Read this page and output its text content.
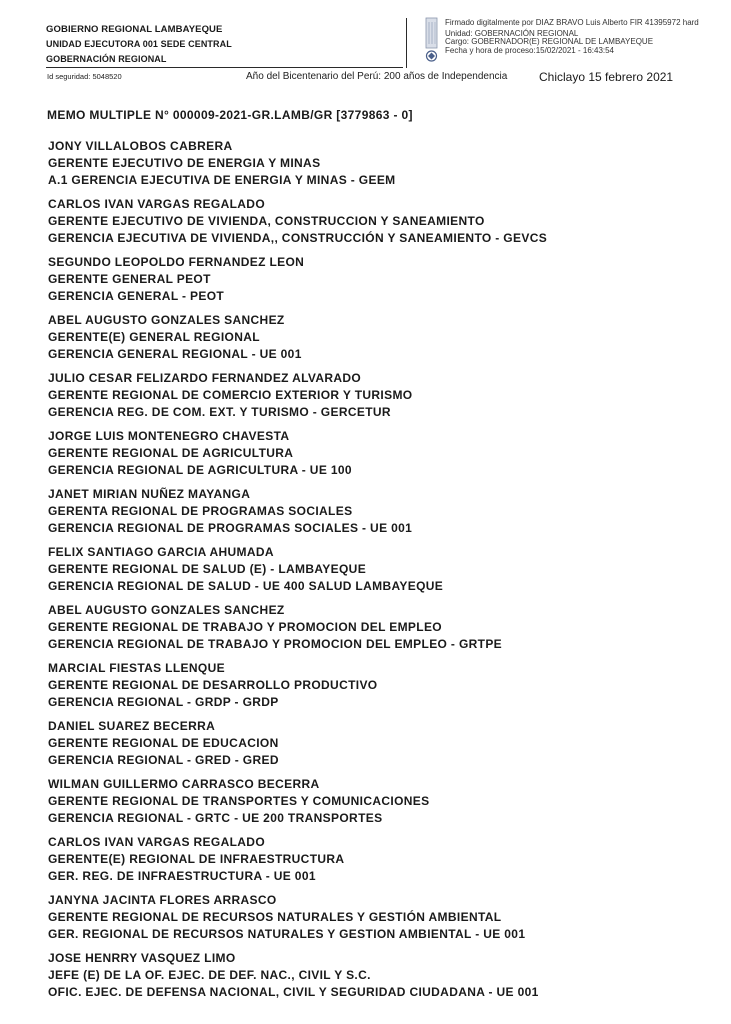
GOBIERNO REGIONAL LAMBAYEQUE
UNIDAD EJECUTORA 001 SEDE CENTRAL
GOBERNACIÓN REGIONAL
Firmado digitalmente por DIAZ BRAVO Luis Alberto FIR 41395972 hard
Unidad: GOBERNACIÓN REGIONAL
Cargo: GOBERNADOR(E) REGIONAL DE LAMBAYEQUE
Fecha y hora de proceso:15/02/2021 - 16:43:54
Id seguridad: 5048520	Año del Bicentenario del Perú: 200 años de Independencia	Chiclayo 15 febrero 2021
MEMO MULTIPLE N° 000009-2021-GR.LAMB/GR [3779863 - 0]
JONY VILLALOBOS CABRERA
GERENTE EJECUTIVO DE ENERGIA Y MINAS
A.1 GERENCIA EJECUTIVA DE ENERGIA Y MINAS - GEEM
CARLOS IVAN VARGAS REGALADO
GERENTE EJECUTIVO DE VIVIENDA, CONSTRUCCION Y SANEAMIENTO
GERENCIA EJECUTIVA DE VIVIENDA,, CONSTRUCCIÓN Y SANEAMIENTO - GEVCS
SEGUNDO LEOPOLDO FERNANDEZ LEON
GERENTE GENERAL PEOT
GERENCIA GENERAL - PEOT
ABEL AUGUSTO GONZALES SANCHEZ
GERENTE(E) GENERAL REGIONAL
GERENCIA GENERAL REGIONAL - UE 001
JULIO CESAR FELIZARDO FERNANDEZ ALVARADO
GERENTE REGIONAL DE COMERCIO EXTERIOR Y TURISMO
GERENCIA REG. DE COM. EXT. Y TURISMO - GERCETUR
JORGE LUIS MONTENEGRO CHAVESTA
GERENTE REGIONAL DE AGRICULTURA
GERENCIA REGIONAL DE AGRICULTURA - UE 100
JANET MIRIAN NUÑEZ MAYANGA
GERENTA REGIONAL DE PROGRAMAS SOCIALES
GERENCIA REGIONAL DE PROGRAMAS SOCIALES - UE 001
FELIX SANTIAGO GARCIA AHUMADA
GERENTE REGIONAL DE SALUD (E) - LAMBAYEQUE
GERENCIA REGIONAL DE SALUD - UE 400 SALUD LAMBAYEQUE
ABEL AUGUSTO GONZALES SANCHEZ
GERENTE REGIONAL DE TRABAJO Y PROMOCION DEL EMPLEO
GERENCIA REGIONAL DE TRABAJO Y PROMOCION DEL EMPLEO - GRTPE
MARCIAL FIESTAS LLENQUE
GERENTE REGIONAL DE DESARROLLO PRODUCTIVO
GERENCIA REGIONAL - GRDP - GRDP
DANIEL SUAREZ BECERRA
GERENTE REGIONAL DE EDUCACION
GERENCIA REGIONAL - GRED - GRED
WILMAN GUILLERMO CARRASCO BECERRA
GERENTE REGIONAL DE TRANSPORTES Y COMUNICACIONES
GERENCIA REGIONAL - GRTC - UE 200 TRANSPORTES
CARLOS IVAN VARGAS REGALADO
GERENTE(E) REGIONAL DE INFRAESTRUCTURA
GER. REG. DE INFRAESTRUCTURA - UE 001
JANYNA JACINTA FLORES ARRASCO
GERENTE REGIONAL DE RECURSOS NATURALES Y GESTIÓN AMBIENTAL
GER. REGIONAL DE RECURSOS NATURALES Y GESTION AMBIENTAL - UE 001
JOSE HENRRY VASQUEZ LIMO
JEFE (E) DE LA OF. EJEC. DE DEF. NAC., CIVIL Y S.C.
OFIC. EJEC. DE DEFENSA NACIONAL, CIVIL Y SEGURIDAD CIUDADANA - UE 001
